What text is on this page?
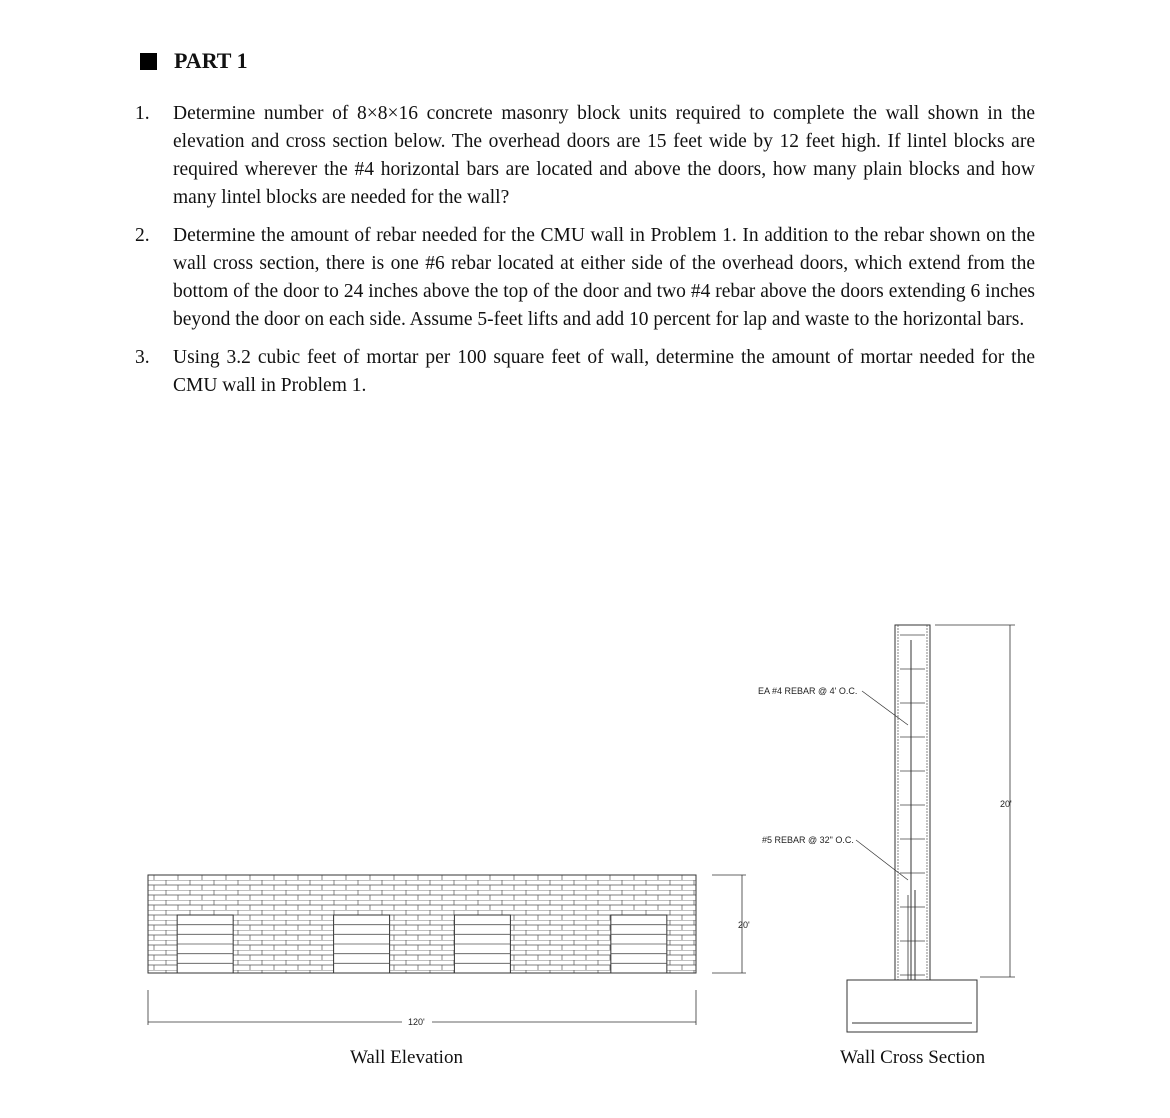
PART 1
1.	Determine number of 8×8×16 concrete masonry block units required to complete the wall shown in the elevation and cross section below. The overhead doors are 15 feet wide by 12 feet high. If lintel blocks are required wherever the #4 horizontal bars are located and above the doors, how many plain blocks and how many lintel blocks are needed for the wall?
2.	Determine the amount of rebar needed for the CMU wall in Problem 1. In addition to the rebar shown on the wall cross section, there is one #6 rebar located at either side of the overhead doors, which extend from the bottom of the door to 24 inches above the top of the door and two #4 rebar above the doors extending 6 inches beyond the door on each side. Assume 5-feet lifts and add 10 percent for lap and waste to the horizontal bars.
3.	Using 3.2 cubic feet of mortar per 100 square feet of wall, determine the amount of mortar needed for the CMU wall in Problem 1.
20'
120'
Wall Elevation
EA #4 REBAR @ 4' O.C.
#5 REBAR @ 32" O.C.
20'
Wall Cross Section
